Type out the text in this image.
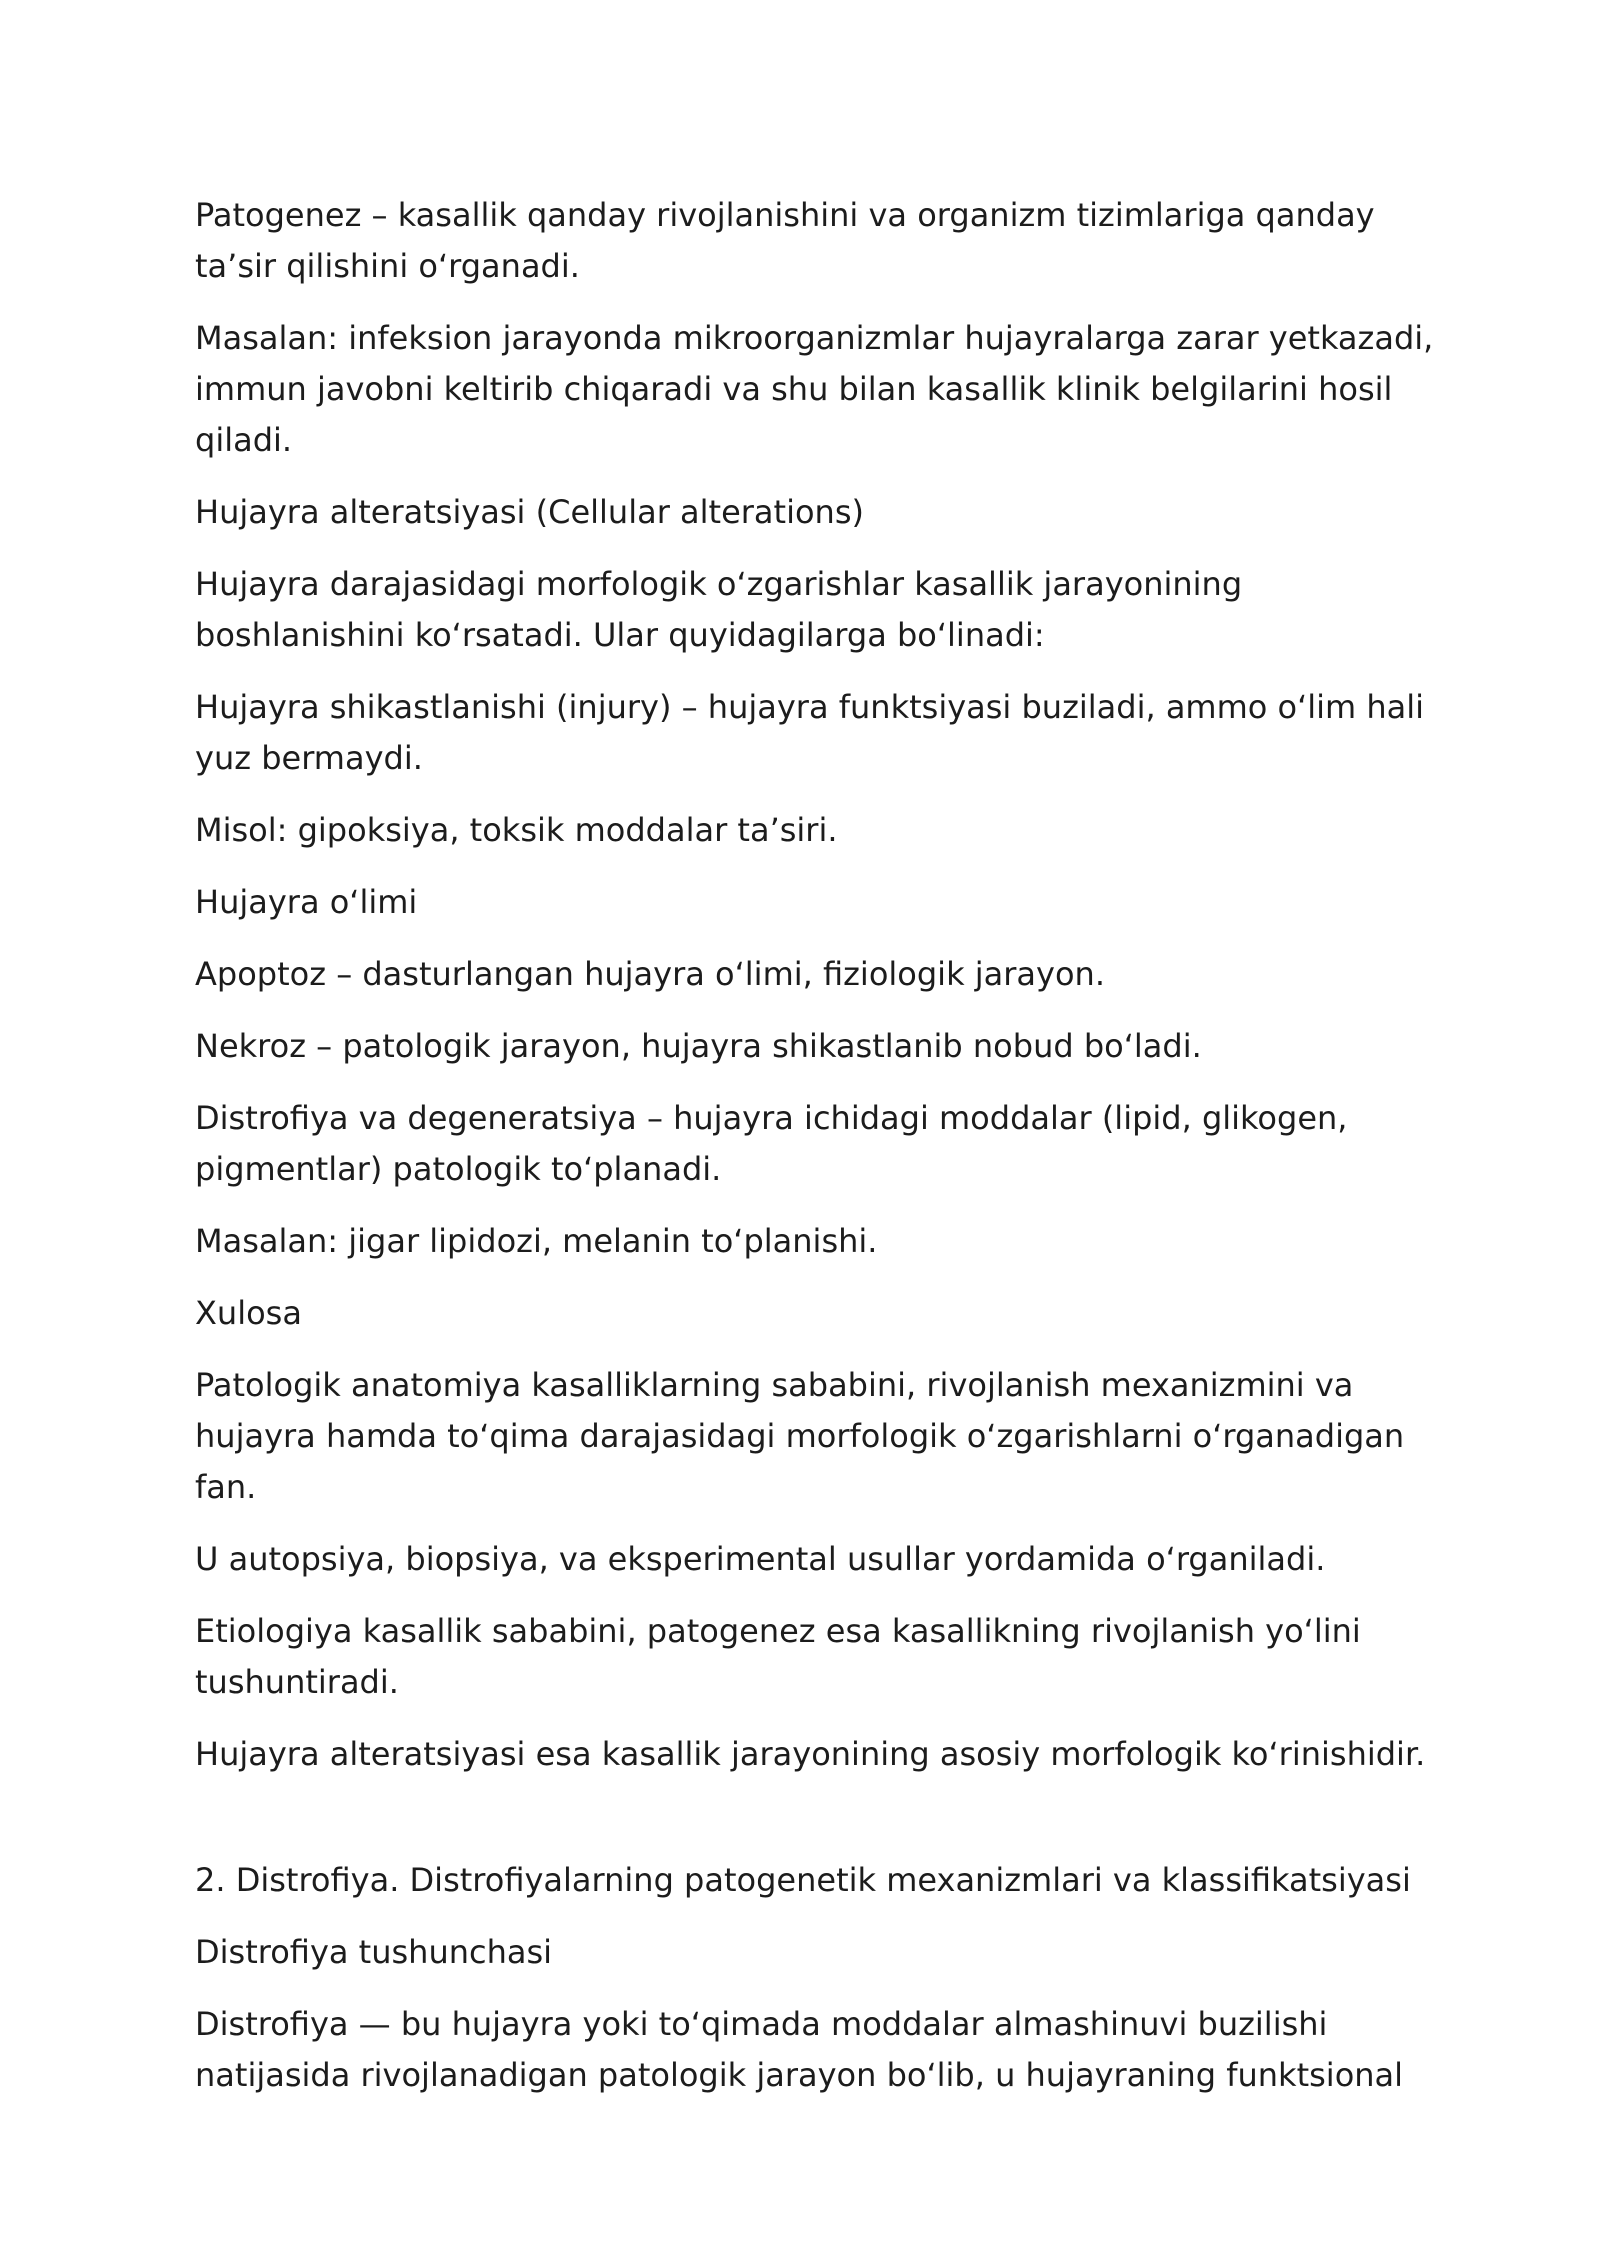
Patogenez – kasallik qanday rivojlanishini va organizm tizimlariga qanday taʼsir qilishini oʻrganadi.

Masalan: infeksion jarayonda mikroorganizmlar hujayralarga zarar yetkazadi, immun javobni keltirib chiqaradi va shu bilan kasallik klinik belgilarini hosil qiladi.

Hujayra alteratsiyasi (Cellular alterations)

Hujayra darajasidagi morfologik oʻzgarishlar kasallik jarayonining boshlanishini koʻrsatadi. Ular quyidagilarga boʻlinadi:

Hujayra shikastlanishi (injury) – hujayra funktsiyasi buziladi, ammo oʻlim hali yuz bermaydi.

Misol: gipoksiya, toksik moddalar taʼsiri.

Hujayra oʻlimi

Apoptoz – dasturlangan hujayra oʻlimi, fiziologik jarayon.

Nekroz – patologik jarayon, hujayra shikastlanib nobud boʻladi.

Distrofiya va degeneratsiya – hujayra ichidagi moddalar (lipid, glikogen, pigmentlar) patologik toʻplanadi.

Masalan: jigar lipidozi, melanin toʻplanishi.

Xulosa

Patologik anatomiya kasalliklarning sababini, rivojlanish mexanizmini va hujayra hamda toʻqima darajasidagi morfologik oʻzgarishlarni oʻrganadigan fan.

U autopsiya, biopsiya, va eksperimental usullar yordamida oʻrganiladi.

Etiologiya kasallik sababini, patogenez esa kasallikning rivojlanish yoʻlini tushuntiradi.

Hujayra alteratsiyasi esa kasallik jarayonining asosiy morfologik koʻrinishidir.

2. Distrofiya. Distrofiyalarning patogenetik mexanizmlari va klassifikatsiyasi

Distrofiya tushunchasi

Distrofiya — bu hujayra yoki toʻqimada moddalar almashinuvi buzilishi natijasida rivojlanadigan patologik jarayon boʻlib, u hujayraning funktsional
